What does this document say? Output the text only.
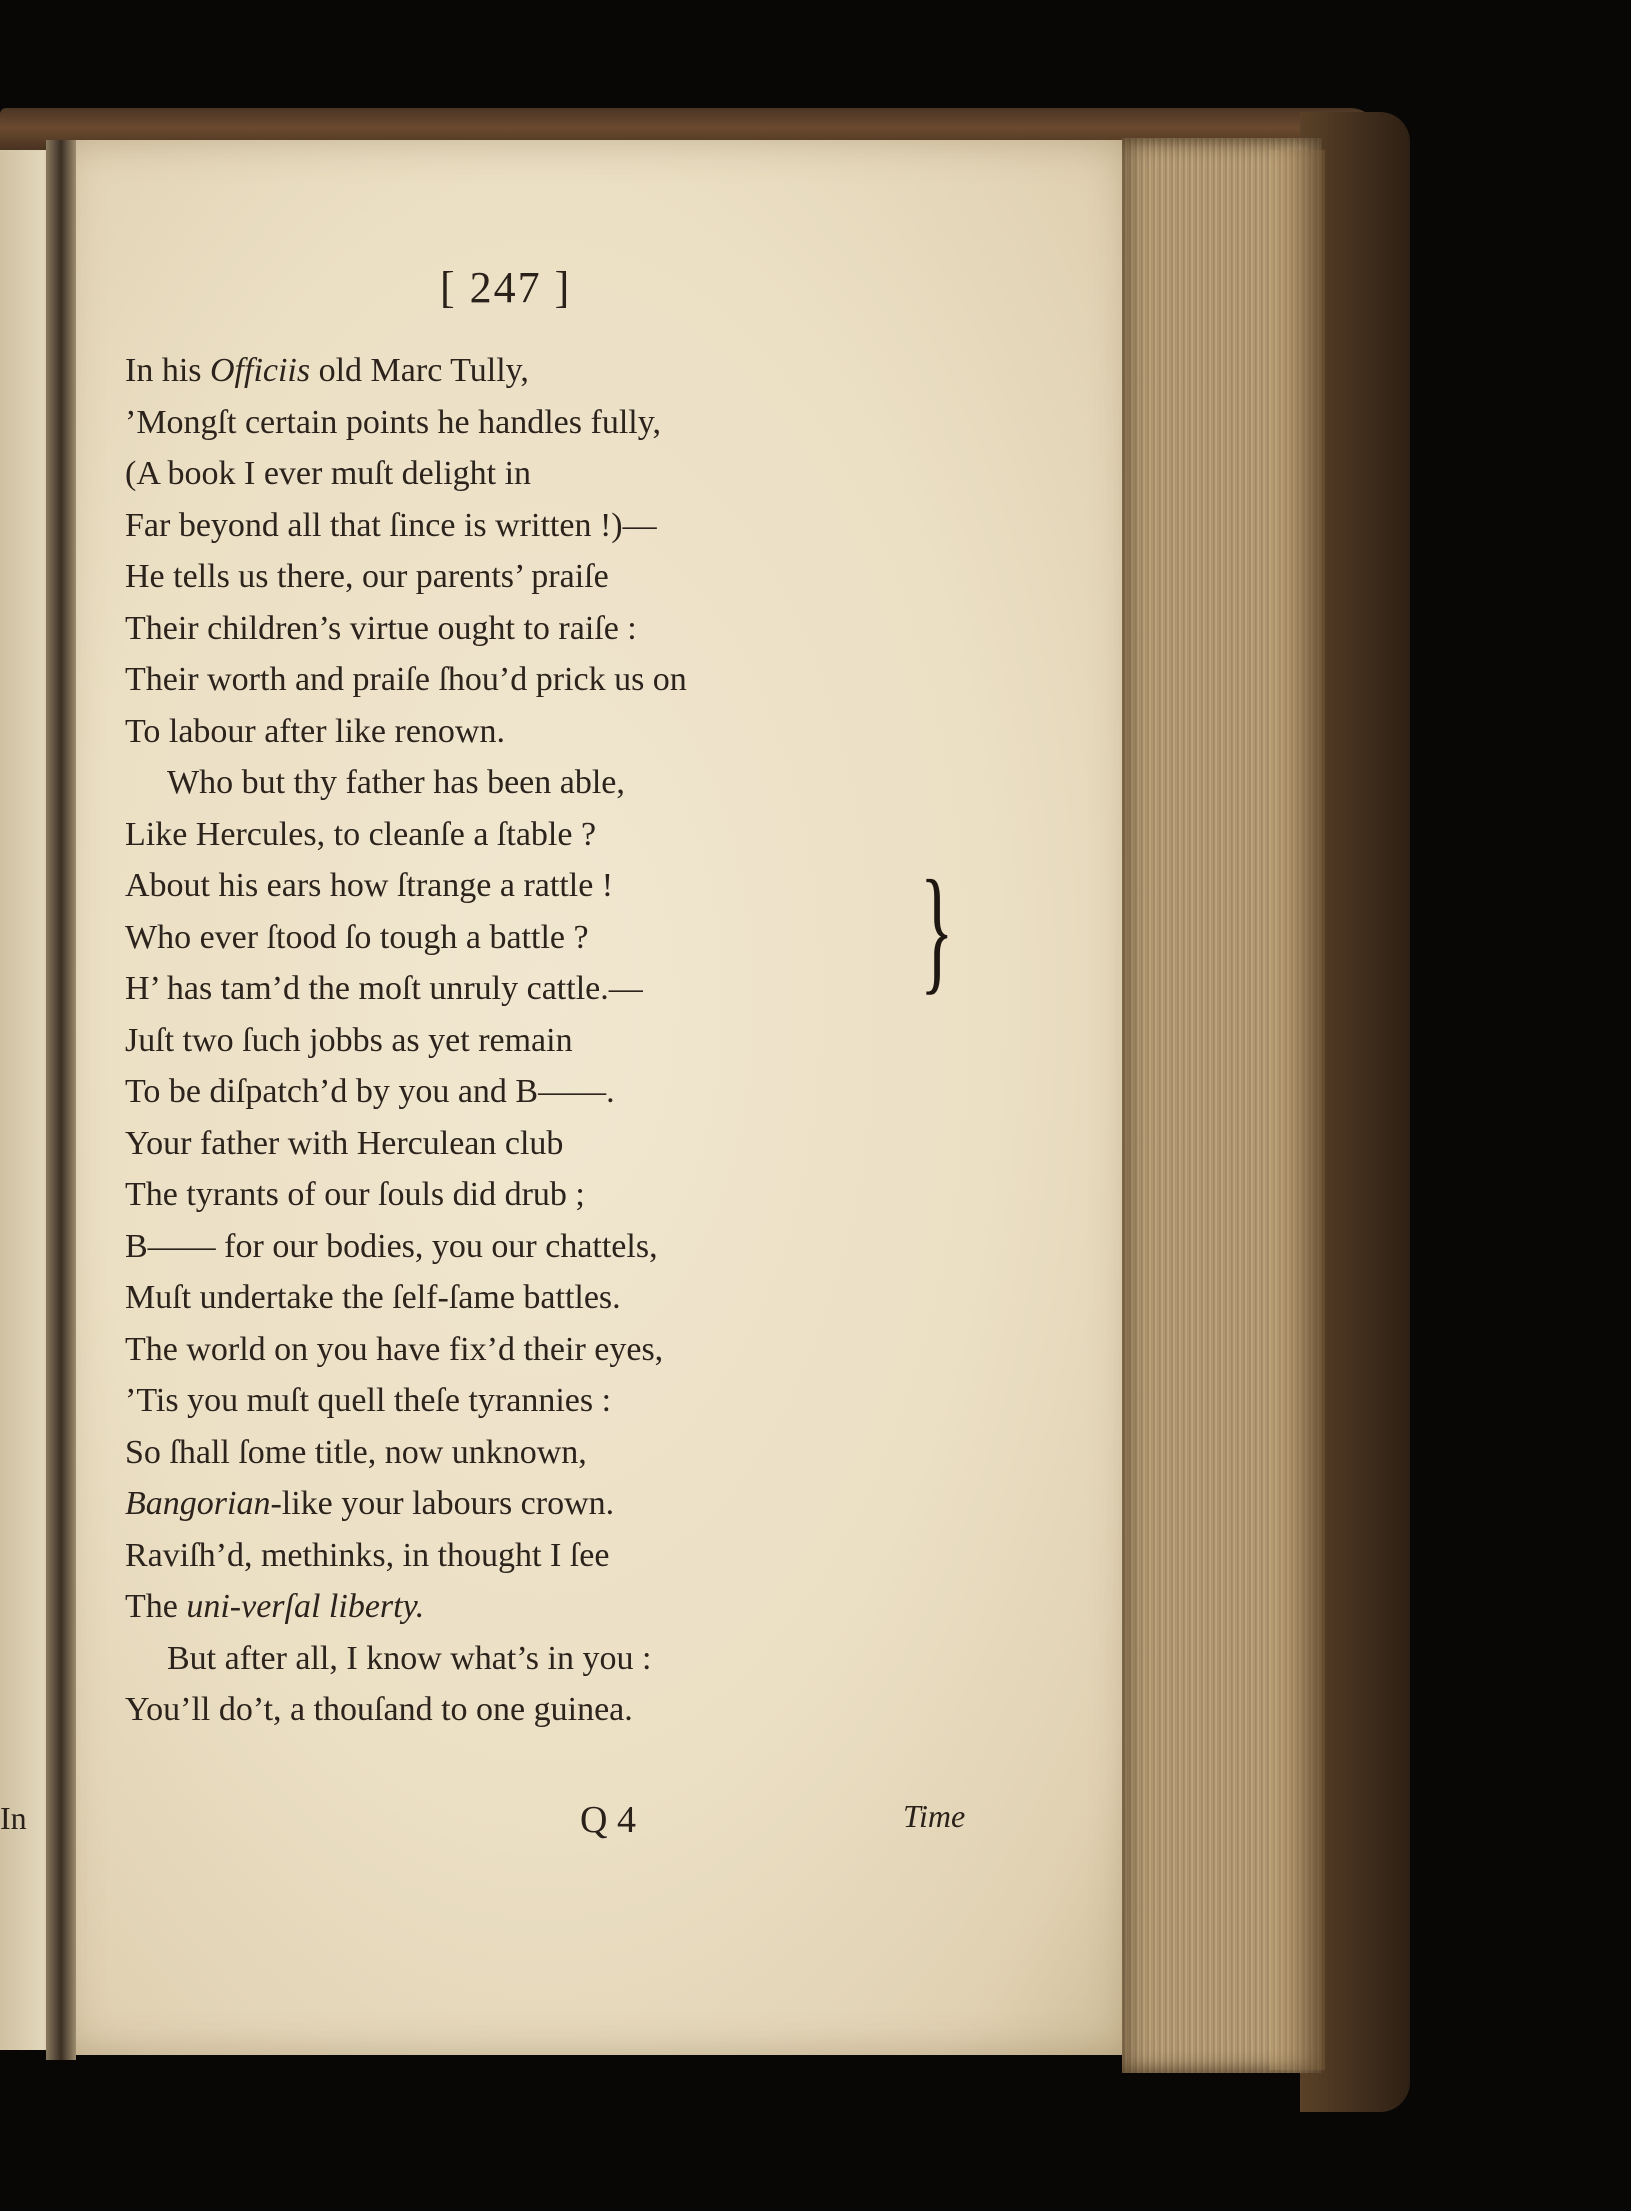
[ 247 ]
In his Officiis old Marc Tully,
’Mongſt certain points he handles fully,
(A book I ever muſt delight in
Far beyond all that ſince is written !)—
He tells us there, our parents’ praiſe
Their children’s virtue ought to raiſe :
Their worth and praiſe ſhou’d prick us on
To labour after like renown.
Who but thy father has been able,
Like Hercules, to cleanſe a ſtable ?
About his ears how ſtrange a rattle !
Who ever ſtood ſo tough a battle ?
H’ has tam’d the moſt unruly cattle.—
Juſt two ſuch jobbs as yet remain
To be diſpatch’d by you and B——.
Your father with Herculean club
The tyrants of our ſouls did drub ;
B—— for our bodies, you our chattels,
Muſt undertake the ſelf-ſame battles.
The world on you have fix’d their eyes,
’Tis you muſt quell theſe tyrannies :
So ſhall ſome title, now unknown,
Bangorian-like your labours crown.
Raviſh’d, methinks, in thought I ſee
The uni-verſal liberty.
But after all, I know what’s in you :
You’ll do’t, a thouſand to one guinea.
}
Q 4	Time
In
